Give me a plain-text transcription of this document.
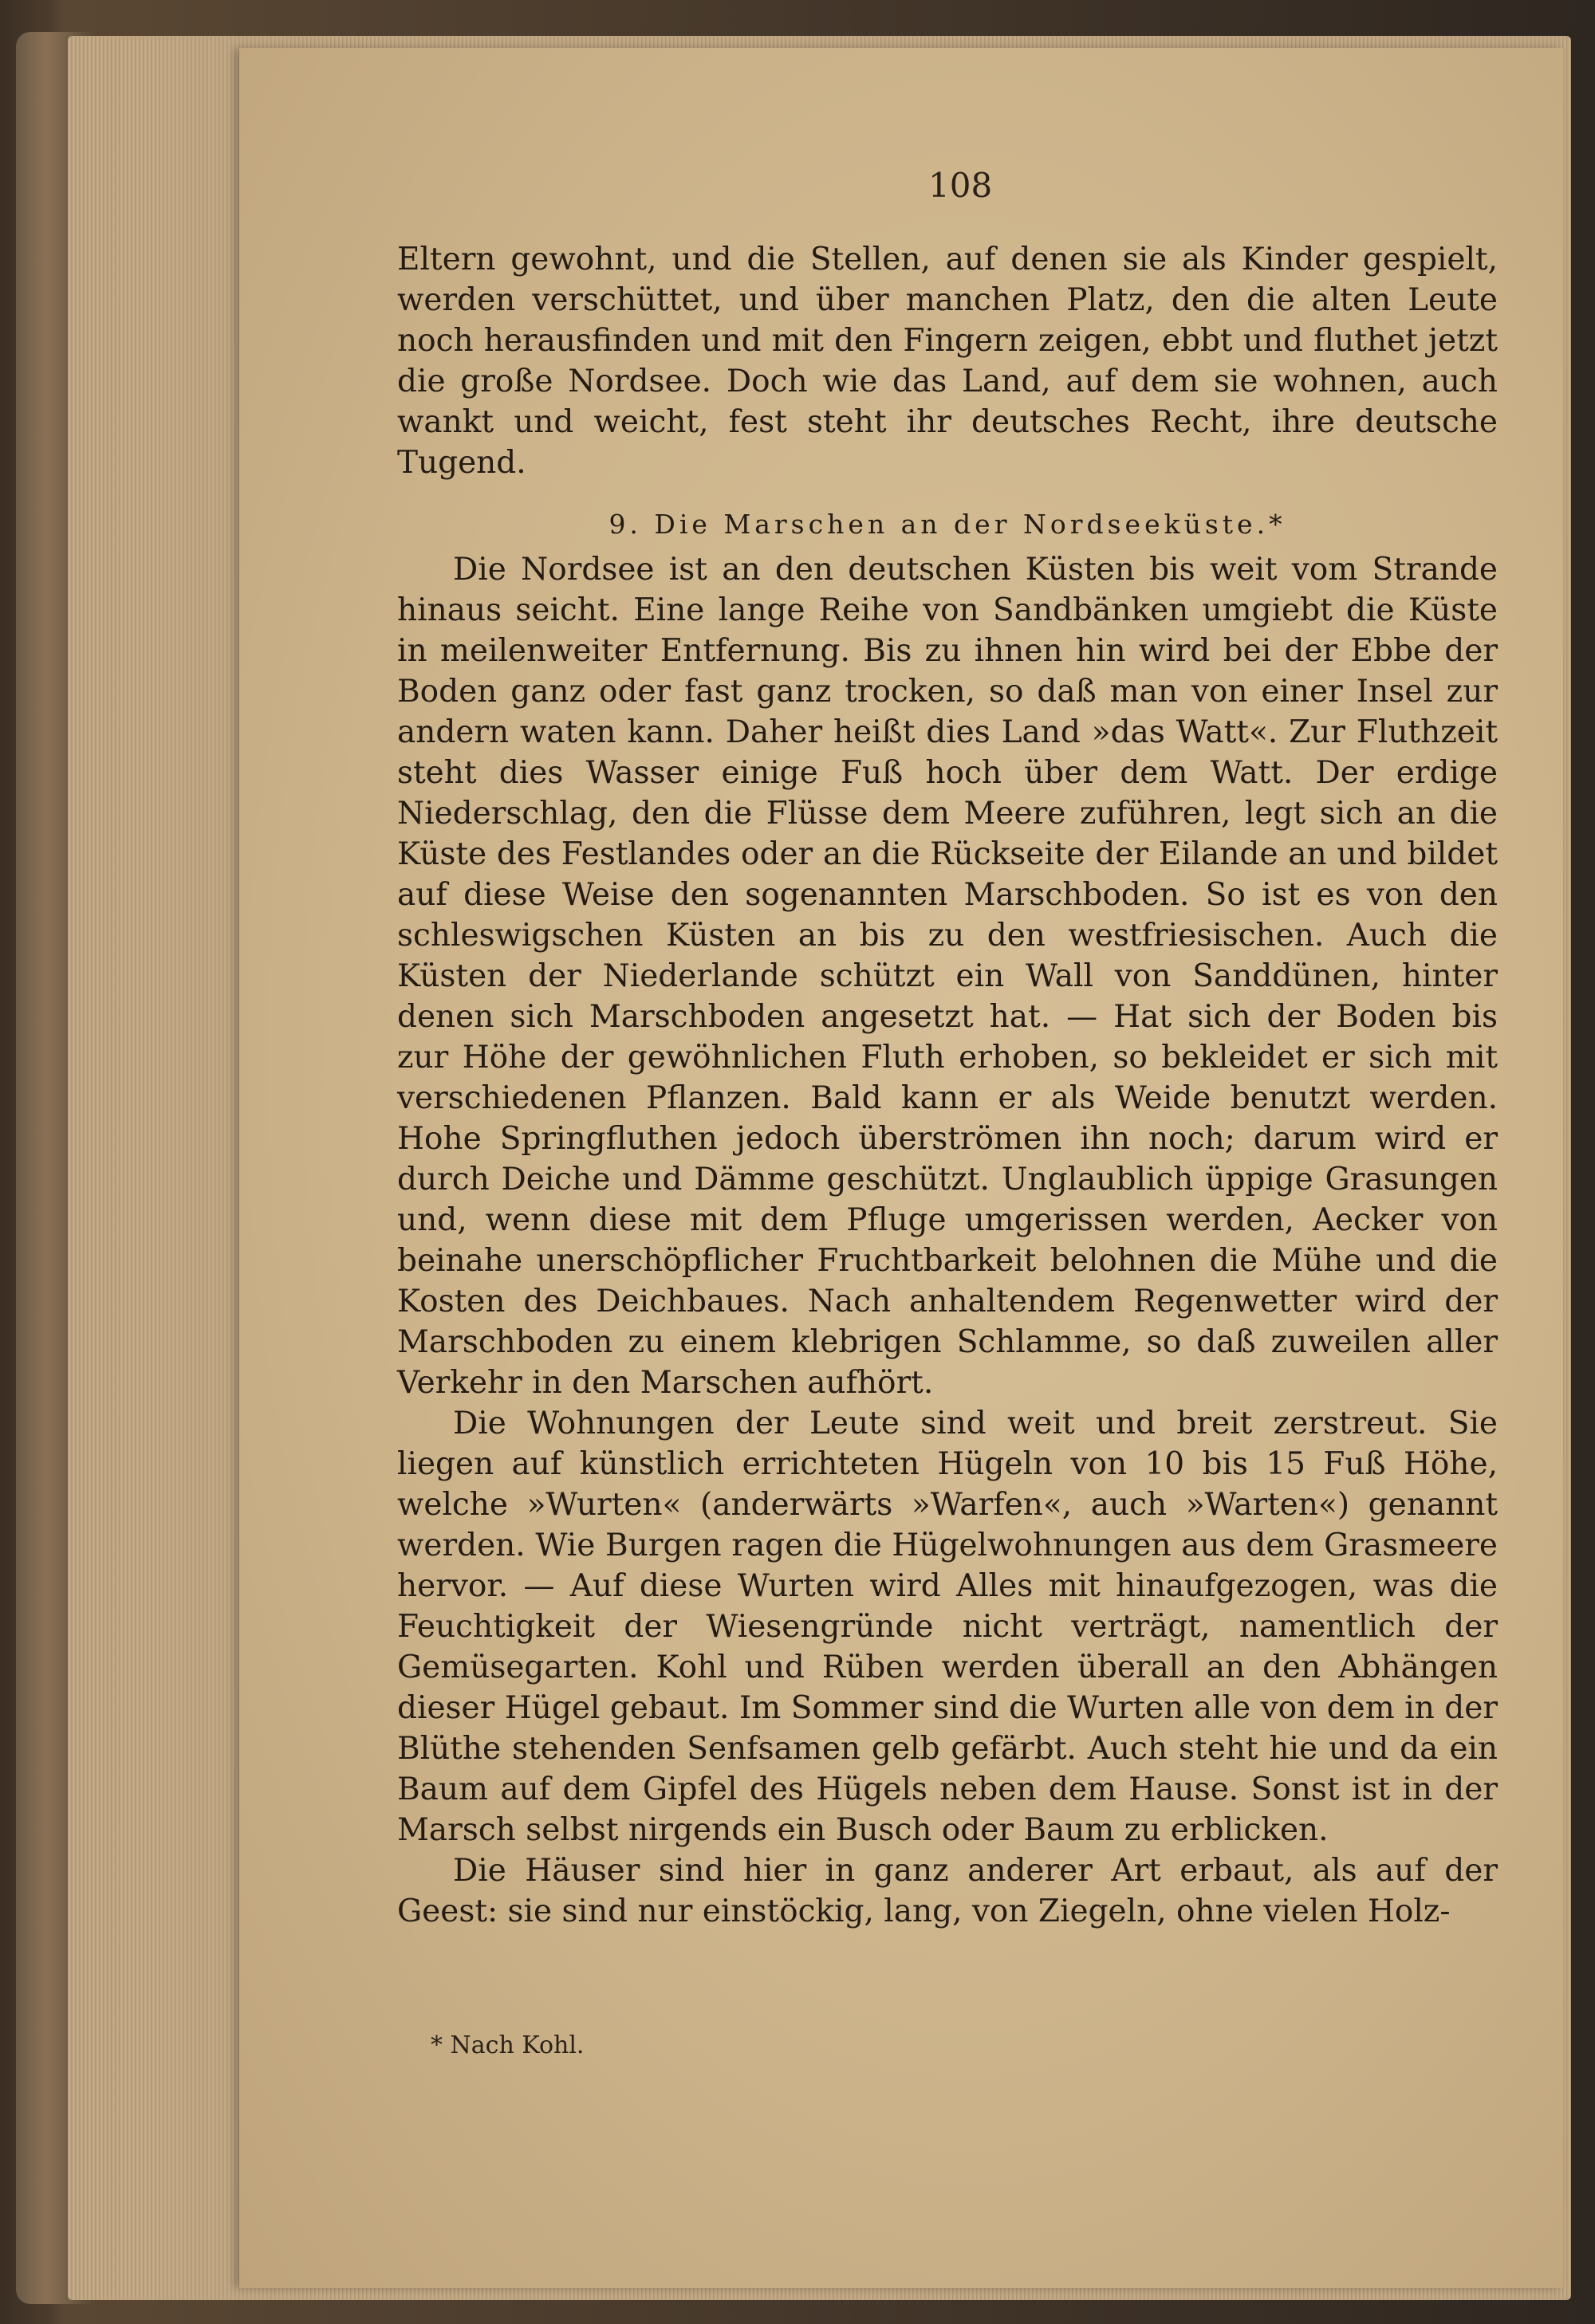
108

Eltern gewohnt, und die Stellen, auf denen sie als Kinder gespielt, werden verschüttet, und über manchen Platz, den die alten Leute noch herausfinden und mit den Fingern zeigen, ebbt und fluthet jetzt die große Nordsee. Doch wie das Land, auf dem sie wohnen, auch wankt und weicht, fest steht ihr deutsches Recht, ihre deutsche Tugend.

9. Die Marschen an der Nordseeküste.*

Die Nordsee ist an den deutschen Küsten bis weit vom Strande hinaus seicht. Eine lange Reihe von Sandbänken umgiebt die Küste in meilenweiter Entfernung. Bis zu ihnen hin wird bei der Ebbe der Boden ganz oder fast ganz trocken, so daß man von einer Insel zur andern waten kann. Daher heißt dies Land »das Watt«. Zur Fluthzeit steht dies Wasser einige Fuß hoch über dem Watt. Der erdige Niederschlag, den die Flüsse dem Meere zuführen, legt sich an die Küste des Festlandes oder an die Rückseite der Eilande an und bildet auf diese Weise den sogenannten Marschboden. So ist es von den schleswigschen Küsten an bis zu den westfriesischen. Auch die Küsten der Niederlande schützt ein Wall von Sanddünen, hinter denen sich Marschboden angesetzt hat. — Hat sich der Boden bis zur Höhe der gewöhnlichen Fluth erhoben, so bekleidet er sich mit verschiedenen Pflanzen. Bald kann er als Weide benutzt werden. Hohe Springfluthen jedoch überströmen ihn noch; darum wird er durch Deiche und Dämme geschützt. Unglaublich üppige Grasungen und, wenn diese mit dem Pfluge umgerissen werden, Aecker von beinahe unerschöpflicher Fruchtbarkeit belohnen die Mühe und die Kosten des Deichbaues. Nach anhaltendem Regenwetter wird der Marschboden zu einem klebrigen Schlamme, so daß zuweilen aller Verkehr in den Marschen aufhört.

Die Wohnungen der Leute sind weit und breit zerstreut. Sie liegen auf künstlich errichteten Hügeln von 10 bis 15 Fuß Höhe, welche »Wurten« (anderwärts »Warfen«, auch »Warten«) genannt werden. Wie Burgen ragen die Hügelwohnungen aus dem Grasmeere hervor. — Auf diese Wurten wird Alles mit hinaufgezogen, was die Feuchtigkeit der Wiesengründe nicht verträgt, namentlich der Gemüsegarten. Kohl und Rüben werden überall an den Abhängen dieser Hügel gebaut. Im Sommer sind die Wurten alle von dem in der Blüthe stehenden Senfsamen gelb gefärbt. Auch steht hie und da ein Baum auf dem Gipfel des Hügels neben dem Hause. Sonst ist in der Marsch selbst nirgends ein Busch oder Baum zu erblicken.

Die Häuser sind hier in ganz anderer Art erbaut, als auf der Geest: sie sind nur einstöckig, lang, von Ziegeln, ohne vielen Holz-

* Nach Kohl.
